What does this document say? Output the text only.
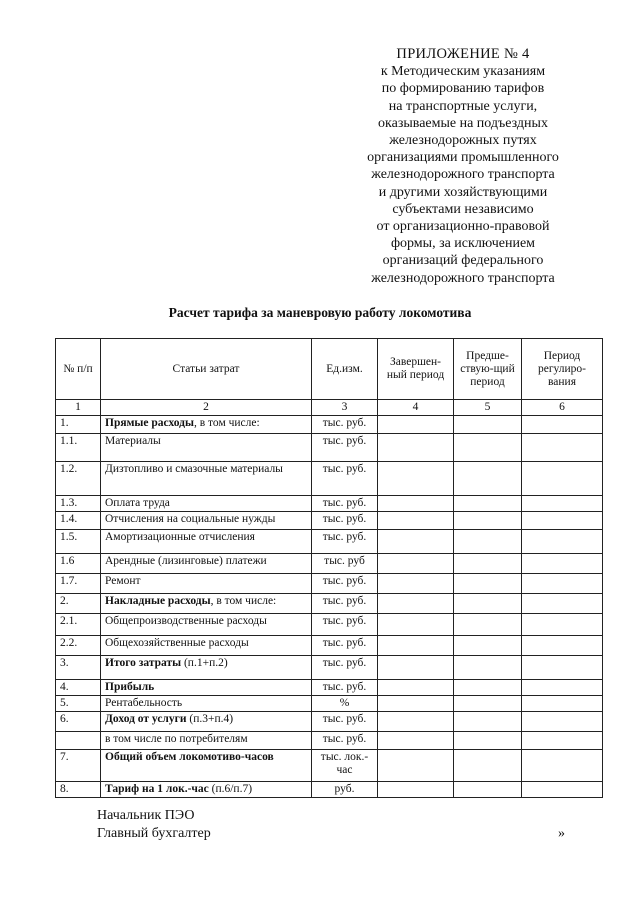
ПРИЛОЖЕНИЕ № 4
к Методическим указаниям
по формированию тарифов
на транспортные услуги,
оказываемые на подъездных
железнодорожных путях
организациями промышленного
железнодорожного транспорта
и другими хозяйствующими
субъектами независимо
от организационно-правовой
формы, за исключением
организаций федерального
железнодорожного транспорта
Расчет тарифа за маневровую работу локомотива
№ п/п	Статьи затрат	Ед.изм.	Завершен-ный период	Предше-ствую-щий период	Период регулиро-вания
1	2	3	4	5	6
1.	Прямые расходы, в том числе:	тыс. руб.			
1.1.	Материалы	тыс. руб.			
1.2.	Дизтопливо и смазочные материалы	тыс. руб.			
1.3.	Оплата труда	тыс. руб.			
1.4.	Отчисления на социальные нужды	тыс. руб.			
1.5.	Амортизационные отчисления	тыс. руб.			
1.6	Арендные (лизинговые) платежи	тыс. руб			
1.7.	Ремонт	тыс. руб.			
2.	Накладные расходы, в том числе:	тыс. руб.			
2.1.	Общепроизводственные расходы	тыс. руб.			
2.2.	Общехозяйственные расходы	тыс. руб.			
3.	Итого затраты (п.1+п.2)	тыс. руб.			
4.	Прибыль	тыс. руб.			
5.	Рентабельность	%			
6.	Доход от услуги (п.3+п.4)	тыс. руб.			
	в том числе по потребителям	тыс. руб.			
7.	Общий объем локомотиво-часов	тыс. лок.-час			
8.	Тариф на 1 лок.-час (п.6/п.7)	руб.			
Начальник ПЭО
Главный бухгалтер	»
